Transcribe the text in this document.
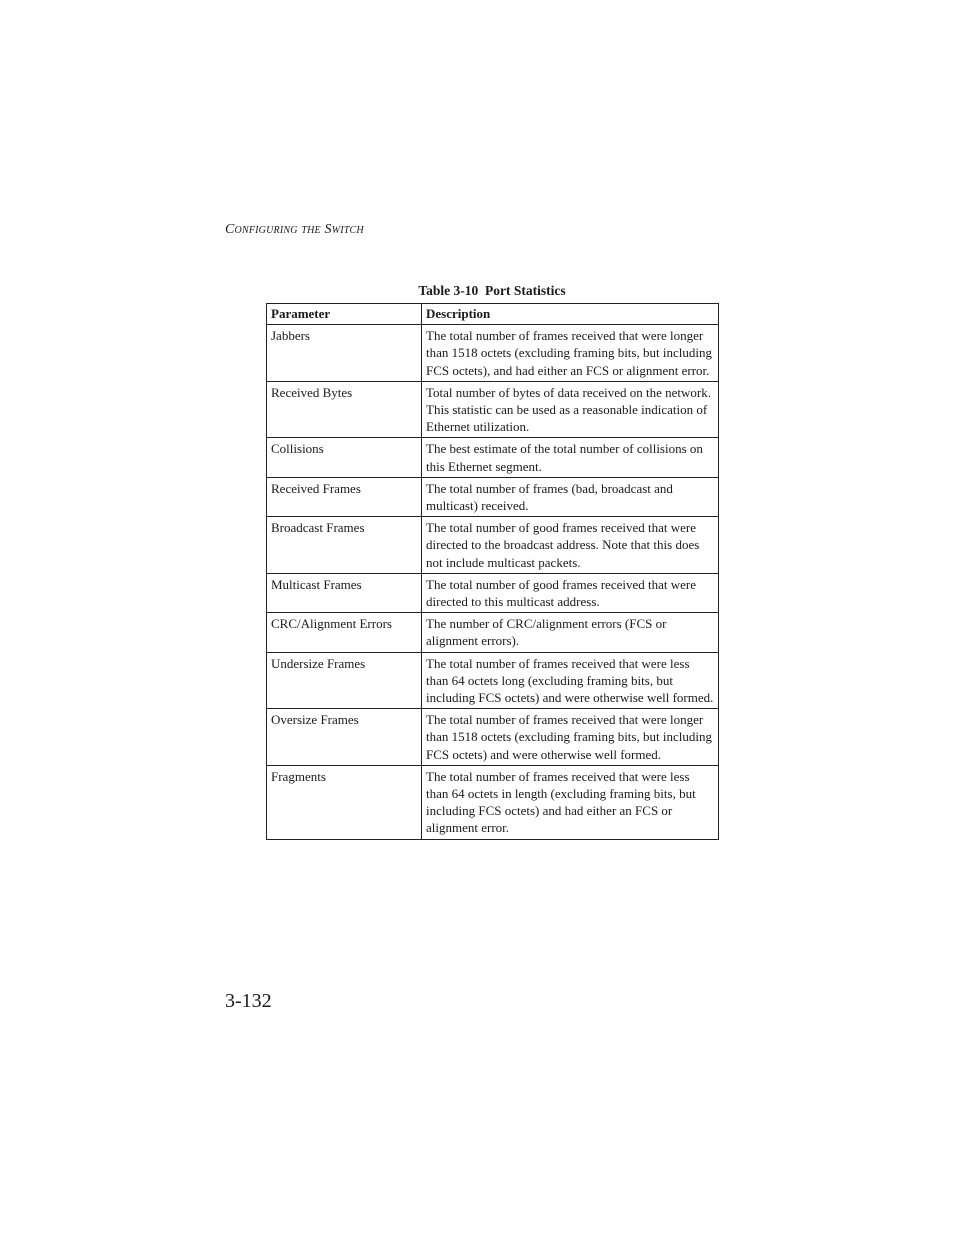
Configuring the Switch
Table 3-10  Port Statistics
Parameter	Description
Jabbers	The total number of frames received that were longer than 1518 octets (excluding framing bits, but including FCS octets), and had either an FCS or alignment error.
Received Bytes	Total number of bytes of data received on the network. This statistic can be used as a reasonable indication of Ethernet utilization.
Collisions	The best estimate of the total number of collisions on this Ethernet segment.
Received Frames	The total number of frames (bad, broadcast and multicast) received.
Broadcast Frames	The total number of good frames received that were directed to the broadcast address. Note that this does not include multicast packets.
Multicast Frames	The total number of good frames received that were directed to this multicast address.
CRC/Alignment Errors	The number of CRC/alignment errors (FCS or alignment errors).
Undersize Frames	The total number of frames received that were less than 64 octets long (excluding framing bits, but including FCS octets) and were otherwise well formed.
Oversize Frames	The total number of frames received that were longer than 1518 octets (excluding framing bits, but including FCS octets) and were otherwise well formed.
Fragments	The total number of frames received that were less than 64 octets in length (excluding framing bits, but including FCS octets) and had either an FCS or alignment error.
3-132
